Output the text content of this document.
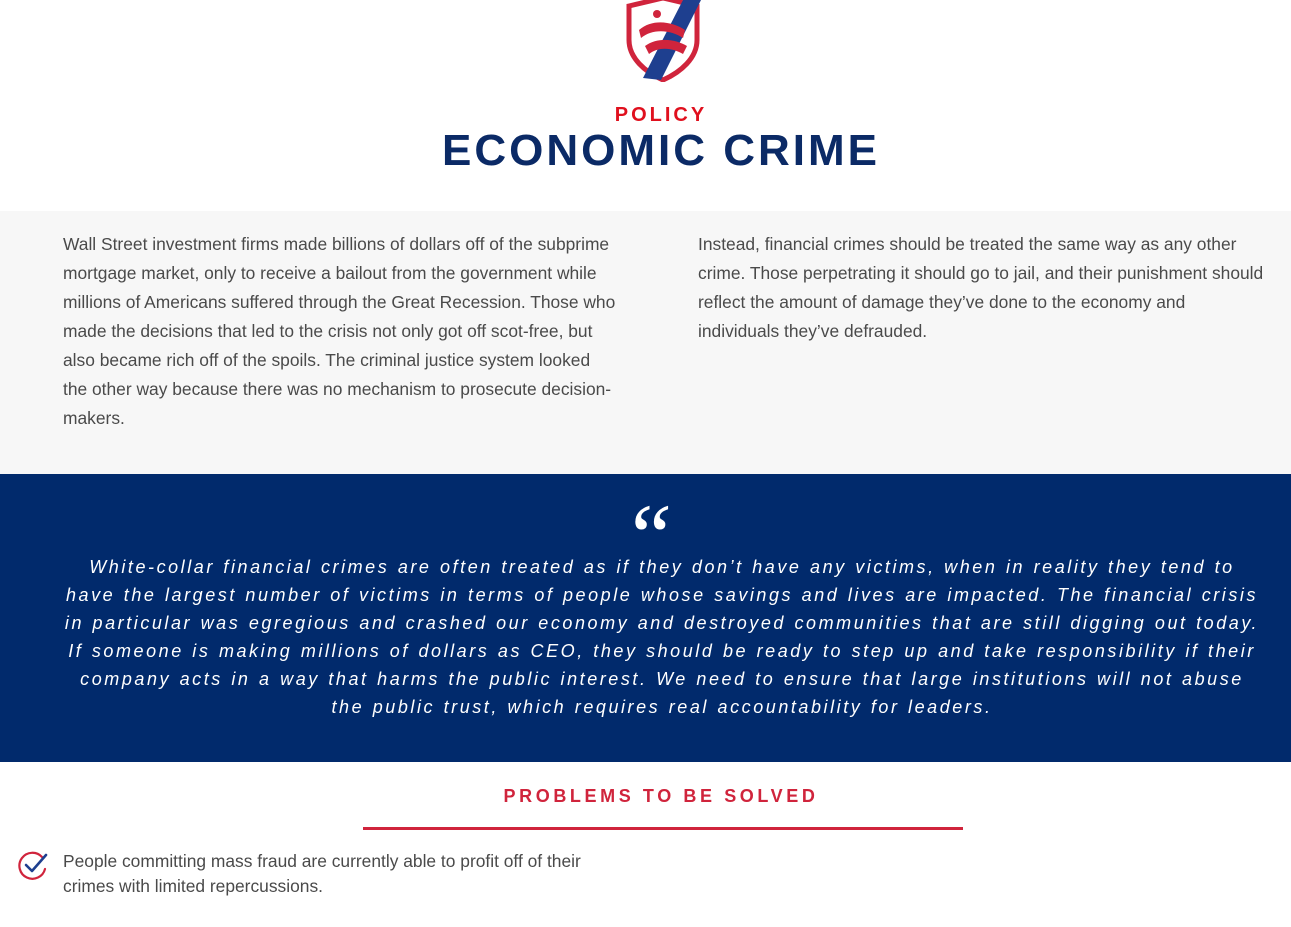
POLICY
ECONOMIC CRIME

Wall Street investment firms made billions of dollars off of the subprime mortgage market, only to receive a bailout from the government while millions of Americans suffered through the Great Recession. Those who made the decisions that led to the crisis not only got off scot-free, but also became rich off of the spoils. The criminal justice system looked the other way because there was no mechanism to prosecute decision-makers.

Instead, financial crimes should be treated the same way as any other crime. Those perpetrating it should go to jail, and their punishment should reflect the amount of damage they’ve done to the economy and individuals they’ve defrauded.

“

White-collar financial crimes are often treated as if they don’t have any victims, when in reality they tend to have the largest number of victims in terms of people whose savings and lives are impacted. The financial crisis in particular was egregious and crashed our economy and destroyed communities that are still digging out today. If someone is making millions of dollars as CEO, they should be ready to step up and take responsibility if their company acts in a way that harms the public interest. We need to ensure that large institutions will not abuse the public trust, which requires real accountability for leaders.

PROBLEMS TO BE SOLVED
People committing mass fraud are currently able to profit off of their crimes with limited repercussions.
